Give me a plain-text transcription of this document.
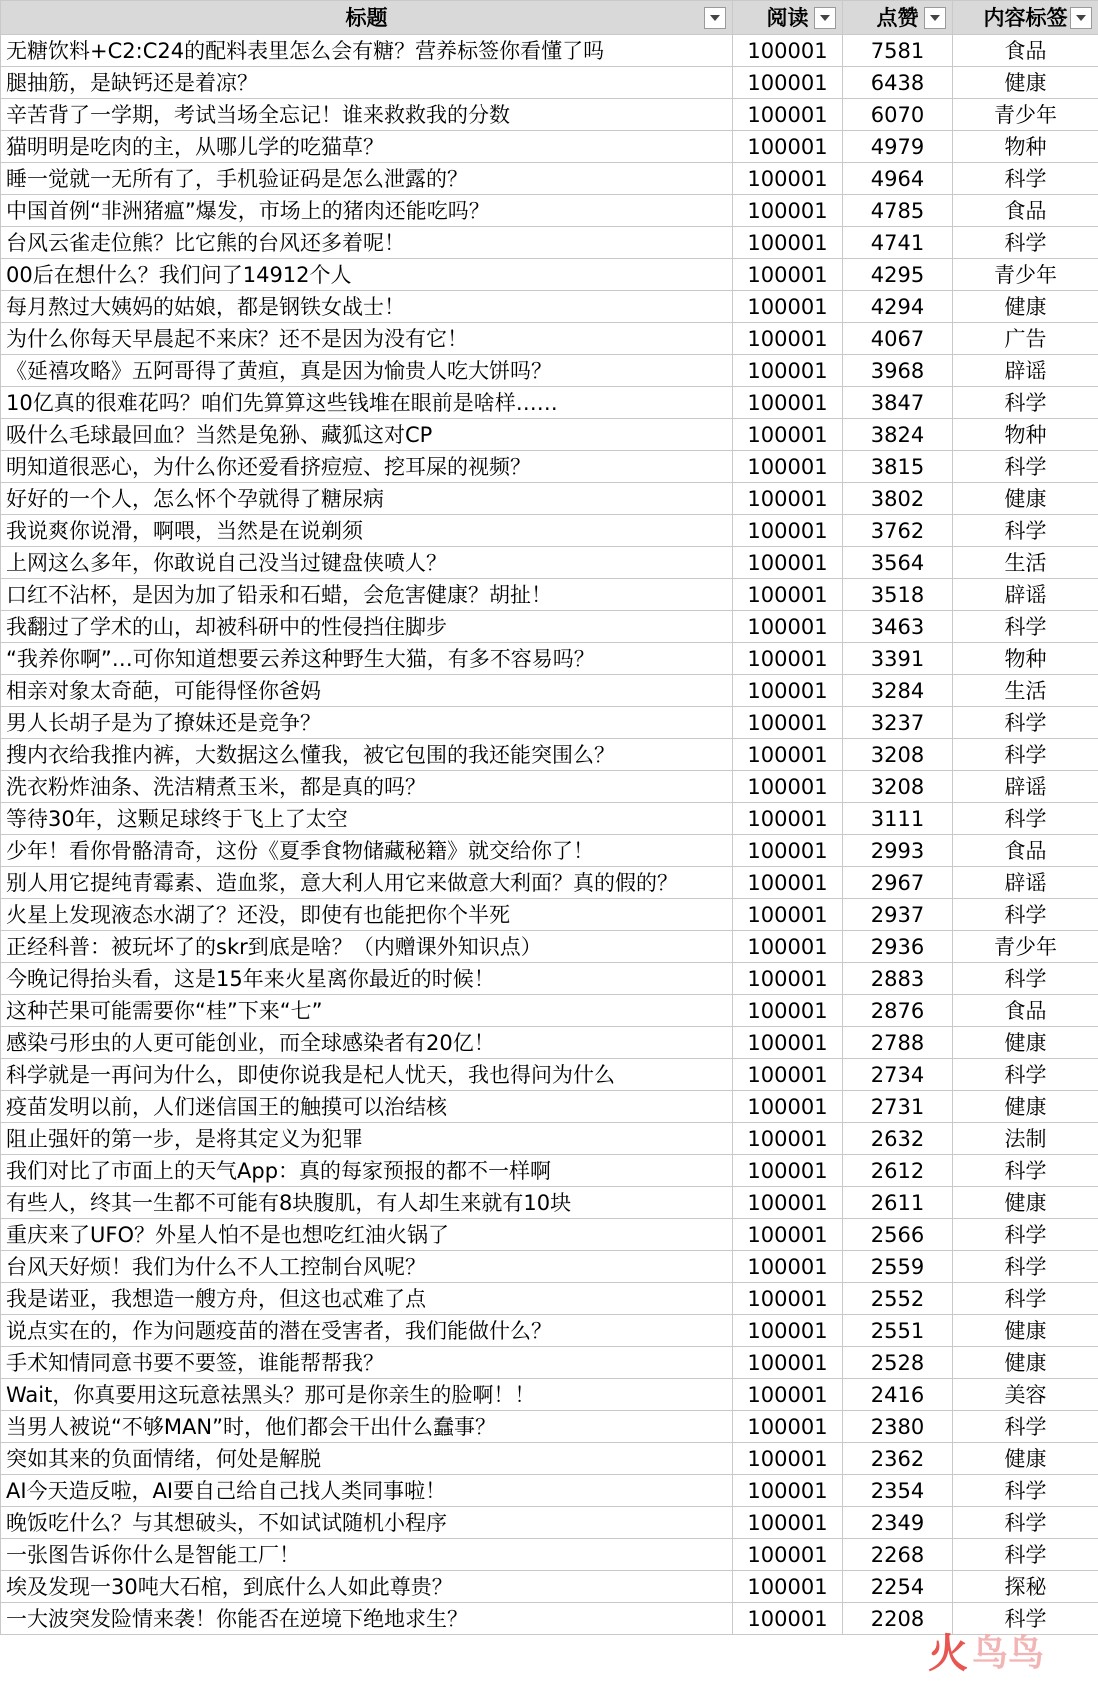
标题	阅读	点赞	内容标签

无糖饮料+C2:C24的配料表里怎么会有糖？营养标签你看懂了吗	100001	7581	食品
腿抽筋，是缺钙还是着凉？	100001	6438	健康
辛苦背了一学期，考试当场全忘记！谁来救救我的分数	100001	6070	青少年
猫明明是吃肉的主，从哪儿学的吃猫草？	100001	4979	物种
睡一觉就一无所有了，手机验证码是怎么泄露的？	100001	4964	科学
中国首例“非洲猪瘟”爆发，市场上的猪肉还能吃吗？	100001	4785	食品
台风云雀走位熊？比它熊的台风还多着呢！	100001	4741	科学
00后在想什么？我们问了14912个人	100001	4295	青少年
每月熬过大姨妈的姑娘，都是钢铁女战士！	100001	4294	健康
为什么你每天早晨起不来床？还不是因为没有它！	100001	4067	广告
《延禧攻略》五阿哥得了黄疸，真是因为愉贵人吃大饼吗？	100001	3968	辟谣
10亿真的很难花吗？咱们先算算这些钱堆在眼前是啥样……	100001	3847	科学
吸什么毛球最回血？当然是兔狲、藏狐这对CP	100001	3824	物种
明知道很恶心，为什么你还爱看挤痘痘、挖耳屎的视频？	100001	3815	科学
好好的一个人，怎么怀个孕就得了糖尿病	100001	3802	健康
我说爽你说滑，啊喂，当然是在说剃须	100001	3762	科学
上网这么多年，你敢说自己没当过键盘侠喷人？	100001	3564	生活
口红不沾杯，是因为加了铅汞和石蜡，会危害健康？胡扯！	100001	3518	辟谣
我翻过了学术的山，却被科研中的性侵挡住脚步	100001	3463	科学
“我养你啊”…可你知道想要云养这种野生大猫，有多不容易吗？	100001	3391	物种
相亲对象太奇葩，可能得怪你爸妈	100001	3284	生活
男人长胡子是为了撩妹还是竞争？	100001	3237	科学
搜内衣给我推内裤，大数据这么懂我，被它包围的我还能突围么？	100001	3208	科学
洗衣粉炸油条、洗洁精煮玉米，都是真的吗？	100001	3208	辟谣
等待30年，这颗足球终于飞上了太空	100001	3111	科学
少年！看你骨骼清奇，这份《夏季食物储藏秘籍》就交给你了！	100001	2993	食品
别人用它提纯青霉素、造血浆，意大利人用它来做意大利面？真的假的？	100001	2967	辟谣
火星上发现液态水湖了？还没，即使有也能把你个半死	100001	2937	科学
正经科普：被玩坏了的skr到底是啥？（内赠课外知识点）	100001	2936	青少年
今晚记得抬头看，这是15年来火星离你最近的时候！	100001	2883	科学
这种芒果可能需要你“桂”下来“七”	100001	2876	食品
感染弓形虫的人更可能创业，而全球感染者有20亿！	100001	2788	健康
科学就是一再问为什么，即使你说我是杞人忧天，我也得问为什么	100001	2734	科学
疫苗发明以前，人们迷信国王的触摸可以治结核	100001	2731	健康
阻止强奸的第一步，是将其定义为犯罪	100001	2632	法制
我们对比了市面上的天气App：真的每家预报的都不一样啊	100001	2612	科学
有些人，终其一生都不可能有8块腹肌，有人却生来就有10块	100001	2611	健康
重庆来了UFO？外星人怕不是也想吃红油火锅了	100001	2566	科学
台风天好烦！我们为什么不人工控制台风呢？	100001	2559	科学
我是诺亚，我想造一艘方舟，但这也忒难了点	100001	2552	科学
说点实在的，作为问题疫苗的潜在受害者，我们能做什么？	100001	2551	健康
手术知情同意书要不要签，谁能帮帮我？	100001	2528	健康
Wait，你真要用这玩意祛黑头？那可是你亲生的脸啊！！	100001	2416	美容
当男人被说“不够MAN”时，他们都会干出什么蠢事？	100001	2380	科学
突如其来的负面情绪，何处是解脱	100001	2362	健康
AI今天造反啦，AI要自己给自己找人类同事啦！	100001	2354	科学
晚饭吃什么？与其想破头，不如试试随机小程序	100001	2349	科学
一张图告诉你什么是智能工厂！	100001	2268	科学
埃及发现一30吨大石棺，到底什么人如此尊贵？	100001	2254	探秘
一大波突发险情来袭！你能否在逆境下绝地求生？	100001	2208	科学
火 鸟鸟
